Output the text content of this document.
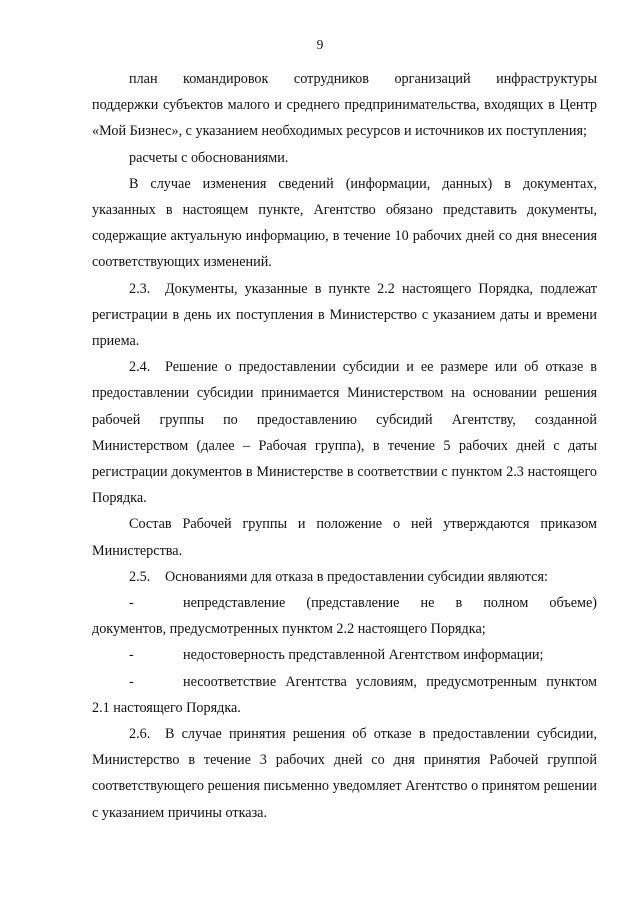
9

план командировок сотрудников организаций инфраструктуры

поддержки субъектов малого и среднего предпринимательства, входящих в Центр «Мой Бизнес», с указанием необходимых ресурсов и источников их поступления;

расчеты с обоснованиями.

В случае изменения сведений (информации, данных) в документах, указанных в настоящем пункте, Агентство обязано представить документы, содержащие актуальную информацию, в течение 10 рабочих дней со дня внесения соответствующих изменений.

2.3. Документы, указанные в пункте 2.2 настоящего Порядка, подлежат регистрации в день их поступления в Министерство с указанием даты и времени приема.

2.4. Решение о предоставлении субсидии и ее размере или об отказе в предоставлении субсидии принимается Министерством на основании решения рабочей группы по предоставлению субсидий Агентству, созданной Министерством (далее – Рабочая группа), в течение 5 рабочих дней с даты регистрации документов в Министерстве в соответствии с пунктом 2.3 настоящего Порядка.

Состав Рабочей группы и положение о ней утверждаются приказом Министерства.

2.5. Основаниями для отказа в предоставлении субсидии являются:

-	непредставление (представление не в полном объеме)

документов, предусмотренных пунктом 2.2 настоящего Порядка;

-	недостоверность представленной Агентством информации;
-	несоответствие Агентства условиям, предусмотренным пунктом

2.1 настоящего Порядка.

2.6. В случае принятия решения об отказе в предоставлении субсидии, Министерство в течение 3 рабочих дней со дня принятия Рабочей группой соответствующего решения письменно уведомляет Агентство о принятом решении с указанием причины отказа.
